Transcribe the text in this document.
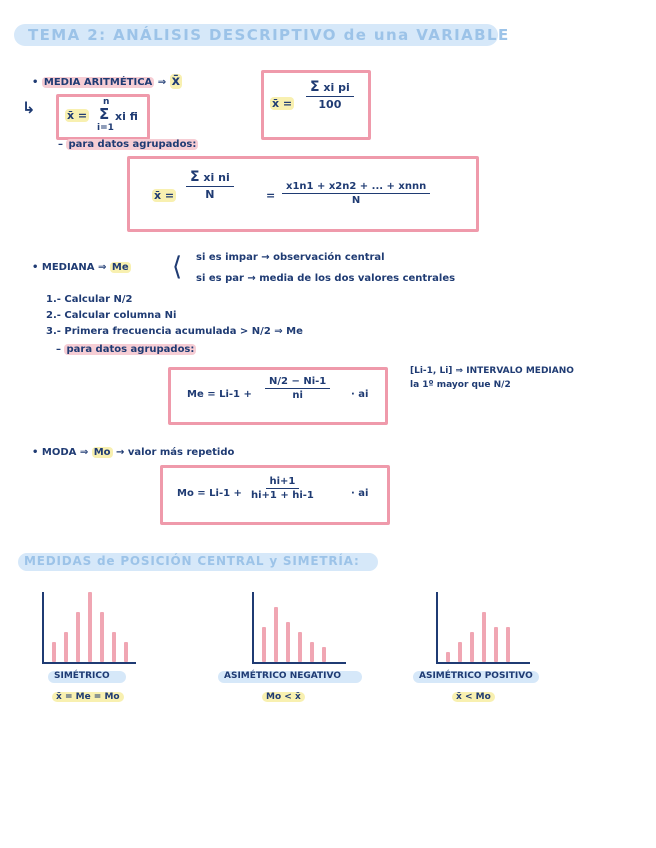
TEMA 2: ANÁLISIS DESCRIPTIVO de una VARIABLE
• MEDIA ARITMÉTICA ⇒ x̄
↳	x̄ =
n
Σ
i=1
xi fi
x̄ = $\frac{\text{Σ xi pi}}{100}$
– para datos agrupados:
x̄ = $\frac{\text{Σ xi ni}}{N}$	= $\frac{\text{x1n1 + x2n2 + ... + xnnn}}{N}$
• MEDIANA ⇒ Me ⟨ si es impar → observación central
si es par → media de los dos valores centrales
1.- Calcular N/2
2.- Calcular columna Ni
3.- Primera frecuencia acumulada > N/2 ⇒ Me
– para datos agrupados:
$Me = Li-1 + \frac{N/2 - Ni-1}{ni}$ · ai
[Li-1, Li] ⇒ INTERVALO MEDIANO
la 1º mayor que N/2
• MODA ⇒ Mo → valor más repetido
$Mo = Li-1 + \frac{hi+1}{hi+1 + hi-1}$	· ai
MEDIDAS de POSICIÓN CENTRAL y SIMETRÍA:
SIMÉTRICO
x̄ = Me = Mo
ASIMÉTRICO NEGATIVO
Mo < x̄
ASIMÉTRICO POSITIVO
x̄ < Mo
